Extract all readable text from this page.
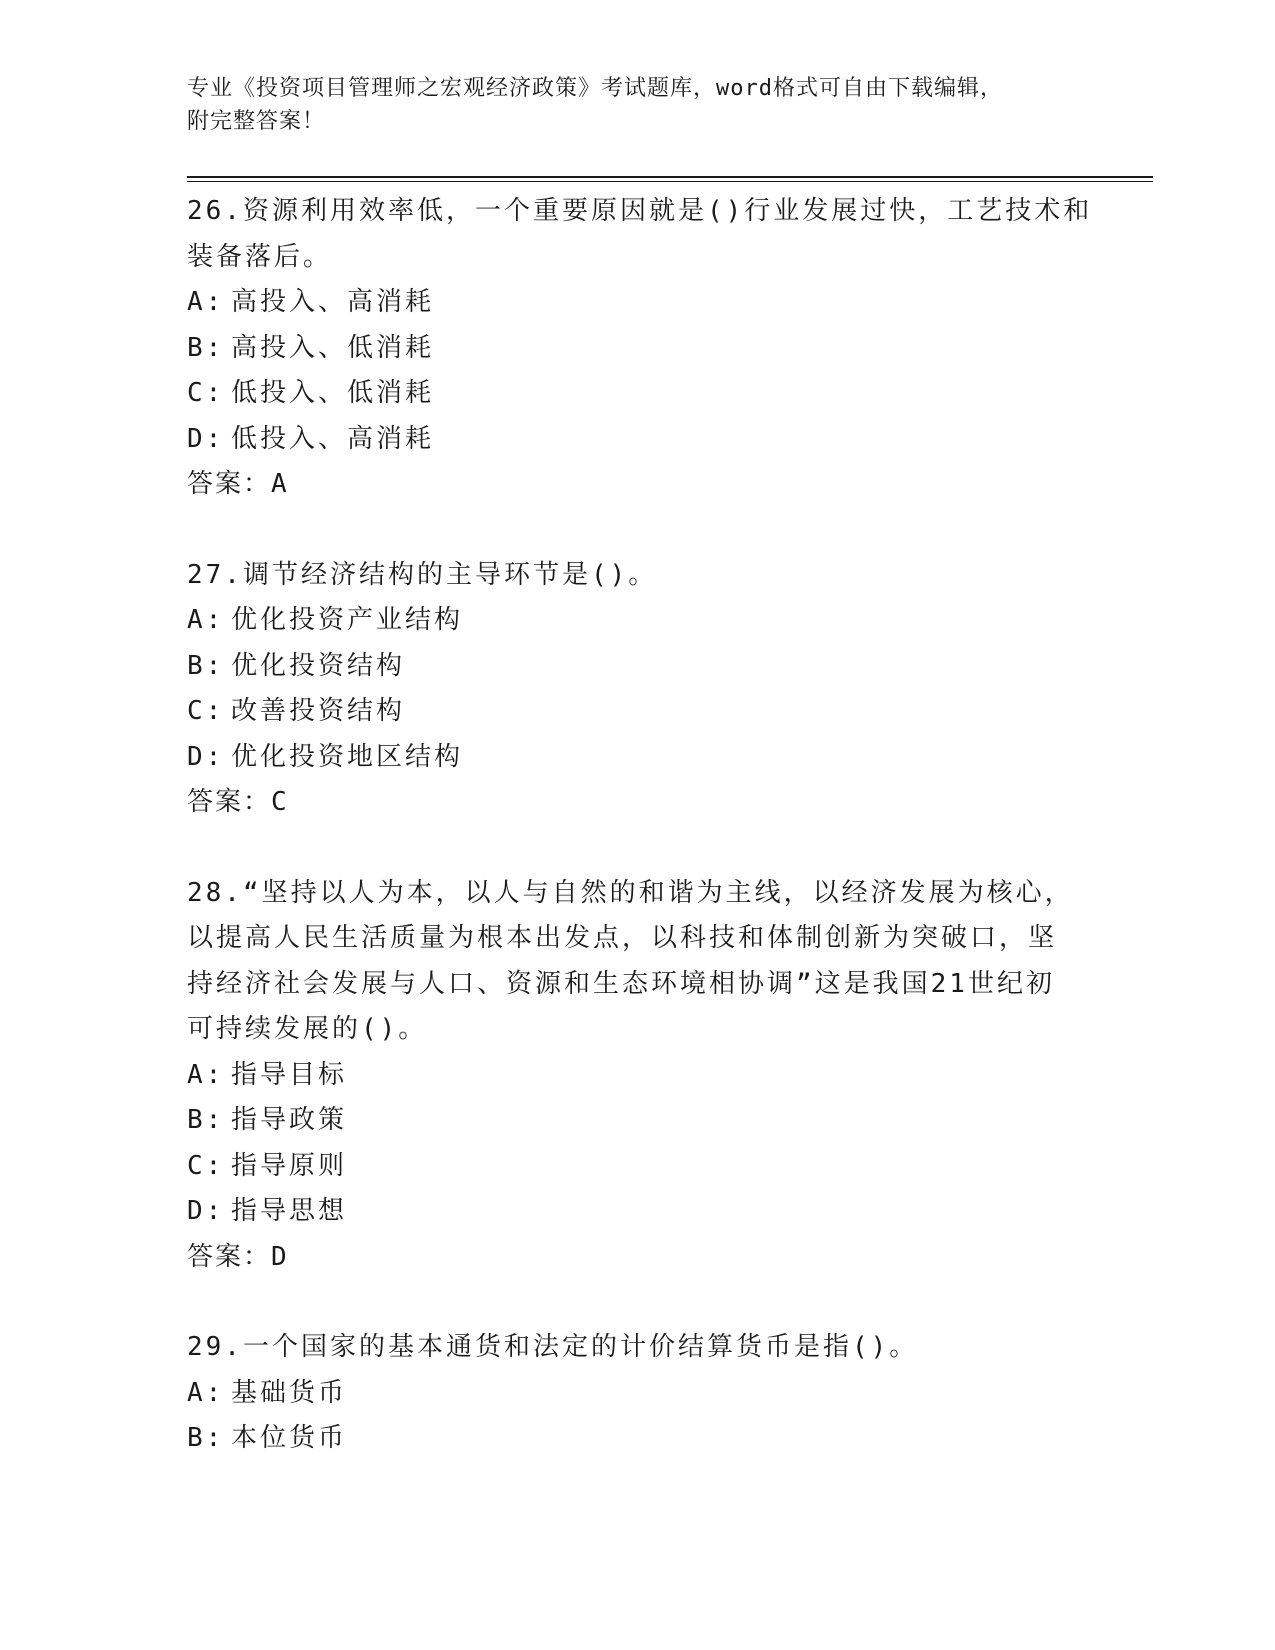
专业《投资项目管理师之宏观经济政策》考试题库，word格式可自由下载编辑，
附完整答案！
26.资源利用效率低，一个重要原因就是()行业发展过快，工艺技术和
装备落后。
A: 高投入、高消耗
B: 高投入、低消耗
C: 低投入、低消耗
D: 低投入、高消耗
答案：A
27.调节经济结构的主导环节是()。
A: 优化投资产业结构
B: 优化投资结构
C: 改善投资结构
D: 优化投资地区结构
答案：C
28.“坚持以人为本，以人与自然的和谐为主线，以经济发展为核心，
以提高人民生活质量为根本出发点，以科技和体制创新为突破口，坚
持经济社会发展与人口、资源和生态环境相协调”这是我国21世纪初
可持续发展的()。
A: 指导目标
B: 指导政策
C: 指导原则
D: 指导思想
答案：D
29.一个国家的基本通货和法定的计价结算货币是指()。
A: 基础货币
B: 本位货币
